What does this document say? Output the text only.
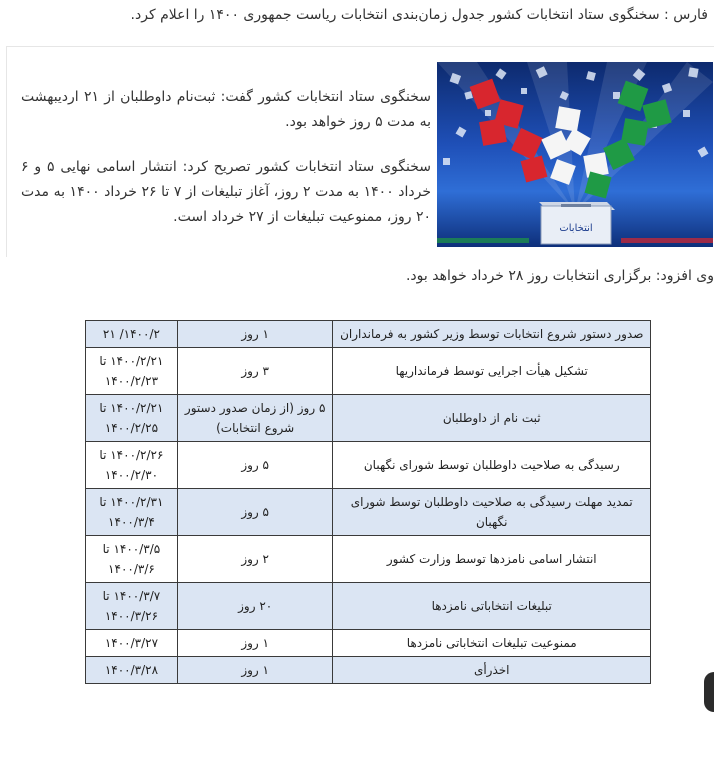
فارس : سخنگوی ستاد انتخابات کشور جدول زمان‌بندی انتخابات ریاست جمهوری ۱۴۰۰ را اعلام کرد.
انتخابات

سخنگوی ستاد انتخابات کشور گفت: ثبت‌نام داوطلبان از ۲۱ اردیبهشت به مدت ۵ روز خواهد بود.

سخنگوی ستاد انتخابات کشور تصریح کرد: انتشار اسامی نهایی ۵ و ۶ خرداد ۱۴۰۰ به مدت ۲ روز، آغاز تبلیغات از ۷ تا ۲۶ خرداد ۱۴۰۰ به مدت ۲۰ روز، ممنوعیت تبلیغات از ۲۷ خرداد است.

وی افزود: برگزاری انتخابات روز ۲۸ خرداد خواهد بود.
صدور دستور شروع انتخابات توسط وزیر کشور به فرمانداران	۱ روز	۱۴۰۰/۲/ ۲۱
تشکیل هیأت اجرایی توسط فرمانداریها	۳ روز	۱۴۰۰/۲/۲۱ تا ۱۴۰۰/۲/۲۳
ثبت نام از داوطلبان	۵ روز (از زمان صدور دستور شروع انتخابات)	۱۴۰۰/۲/۲۱ تا ۱۴۰۰/۲/۲۵
رسیدگی به صلاحیت داوطلبان توسط شورای نگهبان	۵ روز	۱۴۰۰/۲/۲۶ تا ۱۴۰۰/۲/۳۰
تمدید مهلت رسیدگی به صلاحیت داوطلبان توسط شورای نگهبان	۵ روز	۱۴۰۰/۲/۳۱ تا ۱۴۰۰/۳/۴
انتشار اسامی نامزدها توسط وزارت کشور	۲ روز	۱۴۰۰/۳/۵ تا ۱۴۰۰/۳/۶
تبلیغات انتخاباتی نامزدها	۲۰ روز	۱۴۰۰/۳/۷ تا ۱۴۰۰/۳/۲۶
ممنوعیت تبلیغات انتخاباتی نامزدها	۱ روز	۱۴۰۰/۳/۲۷
اخذرأی	۱ روز	۱۴۰۰/۳/۲۸
